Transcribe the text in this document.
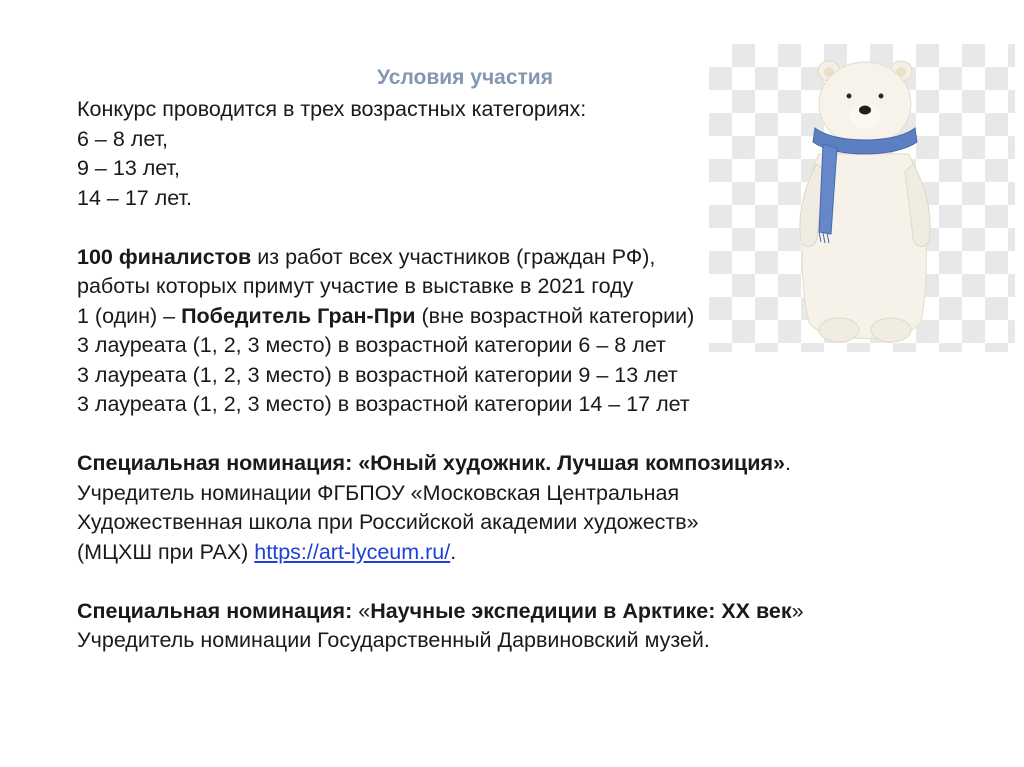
Условия участия
Конкурс проводится в трех возрастных категориях:
6 – 8 лет,
9 – 13 лет,
14 – 17 лет.
100 финалистов из работ всех участников (граждан РФ),
работы которых примут участие в выставке в 2021 году
1 (один) – Победитель Гран-При (вне возрастной категории)
3 лауреата (1, 2, 3 место) в возрастной категории 6 – 8 лет
3 лауреата (1, 2, 3 место) в возрастной категории 9 – 13 лет
3 лауреата (1, 2, 3 место) в возрастной категории 14 – 17 лет
Специальная номинация: «Юный художник. Лучшая композиция».
Учредитель номинации ФГБПОУ «Московская Центральная
Художественная школа при Российской академии художеств»
(МЦХШ при РАХ) https://art-lyceum.ru/.
Специальная номинация: «Научные экспедиции в Арктике: XX век»
Учредитель номинации Государственный Дарвиновский музей.
